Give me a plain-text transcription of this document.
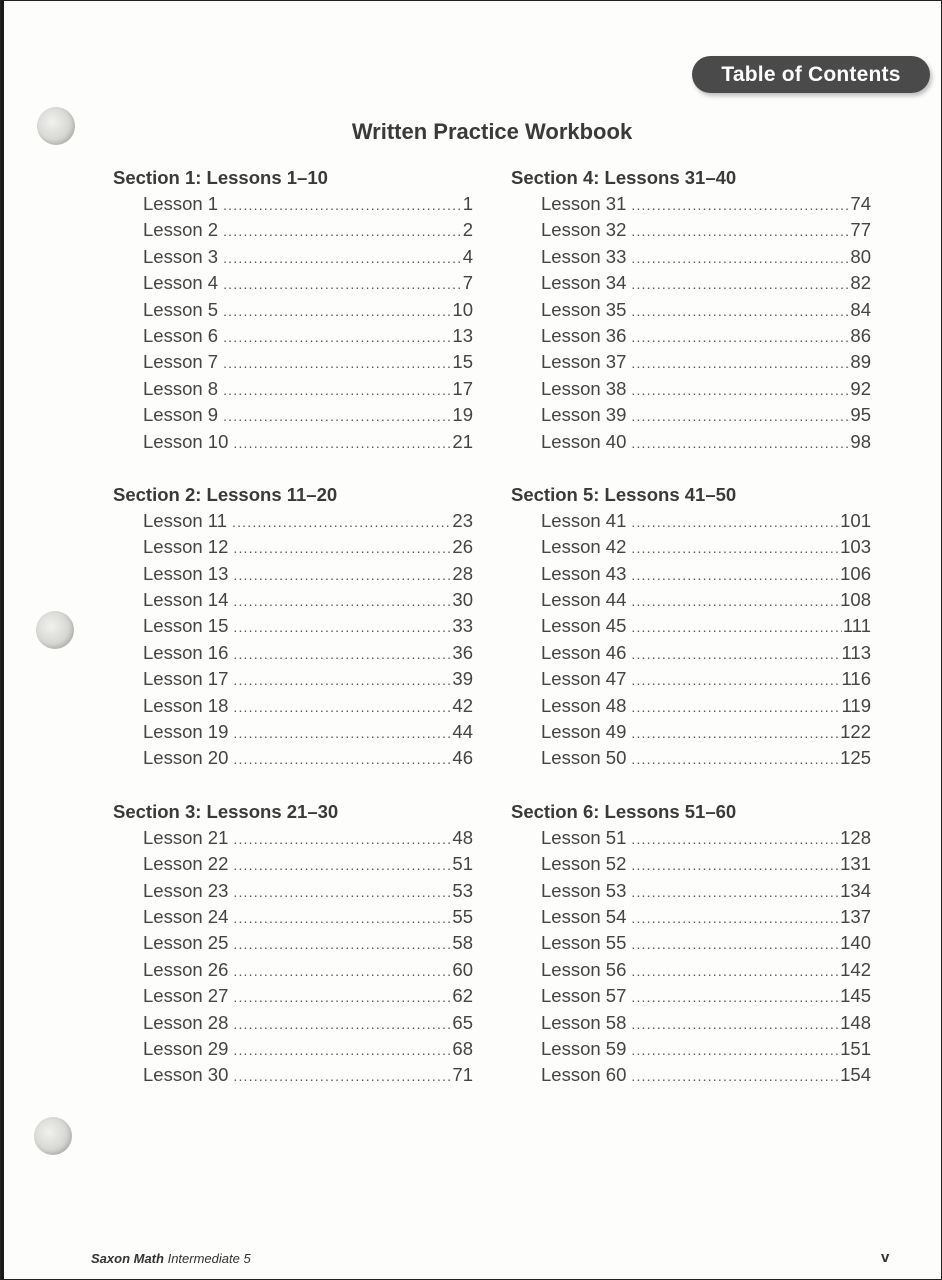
Table of Contents
Written Practice Workbook
Section 1: Lessons 1–10
Lesson 1 .....	1
Lesson 2 .....	2
Lesson 3 .....	4
Lesson 4 .....	7
Lesson 5 .....	10
Lesson 6 .....	13
Lesson 7 .....	15
Lesson 8 .....	17
Lesson 9 .....	19
Lesson 10 .....	21
Section 2: Lessons 11–20
Lesson 11 .....	23
Lesson 12 .....	26
Lesson 13 .....	28
Lesson 14 .....	30
Lesson 15 .....	33
Lesson 16 .....	36
Lesson 17 .....	39
Lesson 18 .....	42
Lesson 19 .....	44
Lesson 20 .....	46
Section 3: Lessons 21–30
Lesson 21 .....	48
Lesson 22 .....	51
Lesson 23 .....	53
Lesson 24 .....	55
Lesson 25 .....	58
Lesson 26 .....	60
Lesson 27 .....	62
Lesson 28 .....	65
Lesson 29 .....	68
Lesson 30 .....	71
Section 4: Lessons 31–40
Lesson 31 .....	74
Lesson 32 .....	77
Lesson 33 .....	80
Lesson 34 .....	82
Lesson 35 .....	84
Lesson 36 .....	86
Lesson 37 .....	89
Lesson 38 .....	92
Lesson 39 .....	95
Lesson 40 .....	98
Section 5: Lessons 41–50
Lesson 41 .....	101
Lesson 42 .....	103
Lesson 43 .....	106
Lesson 44 .....	108
Lesson 45 .....	111
Lesson 46 .....	113
Lesson 47 .....	116
Lesson 48 .....	119
Lesson 49 .....	122
Lesson 50 .....	125
Section 6: Lessons 51–60
Lesson 51 .....	128
Lesson 52 .....	131
Lesson 53 .....	134
Lesson 54 .....	137
Lesson 55 .....	140
Lesson 56 .....	142
Lesson 57 .....	145
Lesson 58 .....	148
Lesson 59 .....	151
Lesson 60 .....	154
Saxon Math Intermediate 5	v
